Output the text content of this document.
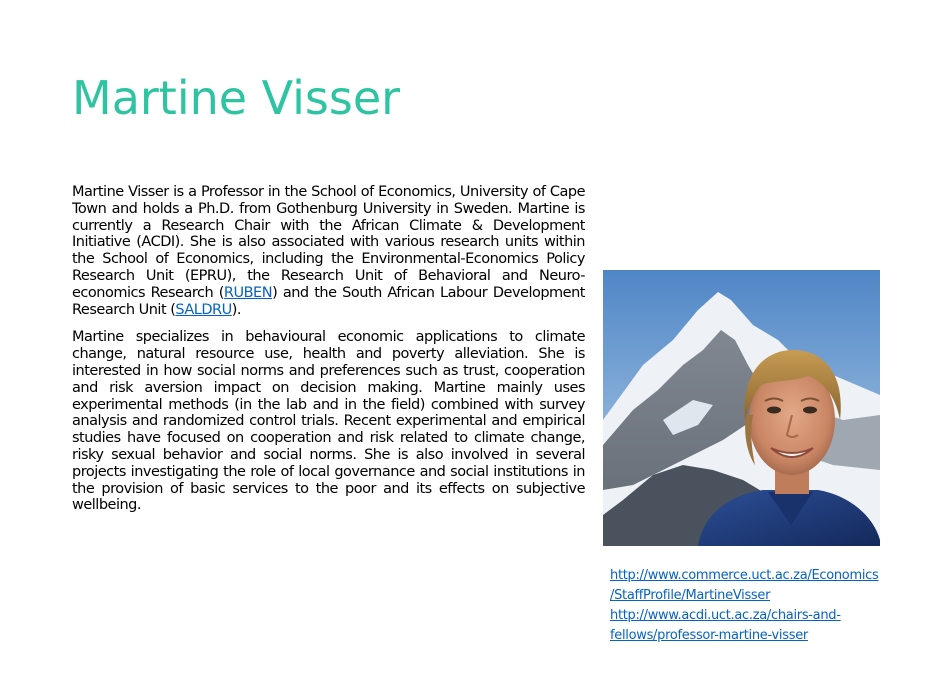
Martine Visser

Martine Visser is a Professor in the School of Economics, University of Cape Town and holds a Ph.D. from Gothenburg University in Sweden. Martine is currently a Research Chair with the African Climate & Development Initiative (ACDI). She is also associated with various research units within the School of Economics, including the Environmental-Economics Policy Research Unit (EPRU), the Research Unit of Behavioral and Neuro-economics Research (RUBEN) and the South African Labour Development Research Unit (SALDRU).

Martine specializes in behavioural economic applications to climate change, natural resource use, health and poverty alleviation. She is interested in how social norms and preferences such as trust, cooperation and risk aversion impact on decision making. Martine mainly uses experimental methods (in the lab and in the field) combined with survey analysis and randomized control trials. Recent experimental and empirical studies have focused on cooperation and risk related to climate change, risky sexual behavior and social norms. She is also involved in several projects investigating the role of local governance and social institutions in the provision of basic services to the poor and its effects on subjective wellbeing.

http://www.commerce.uct.ac.za/Economics
/StaffProfile/MartineVisser
http://www.acdi.uct.ac.za/chairs-and-
fellows/professor-martine-visser
